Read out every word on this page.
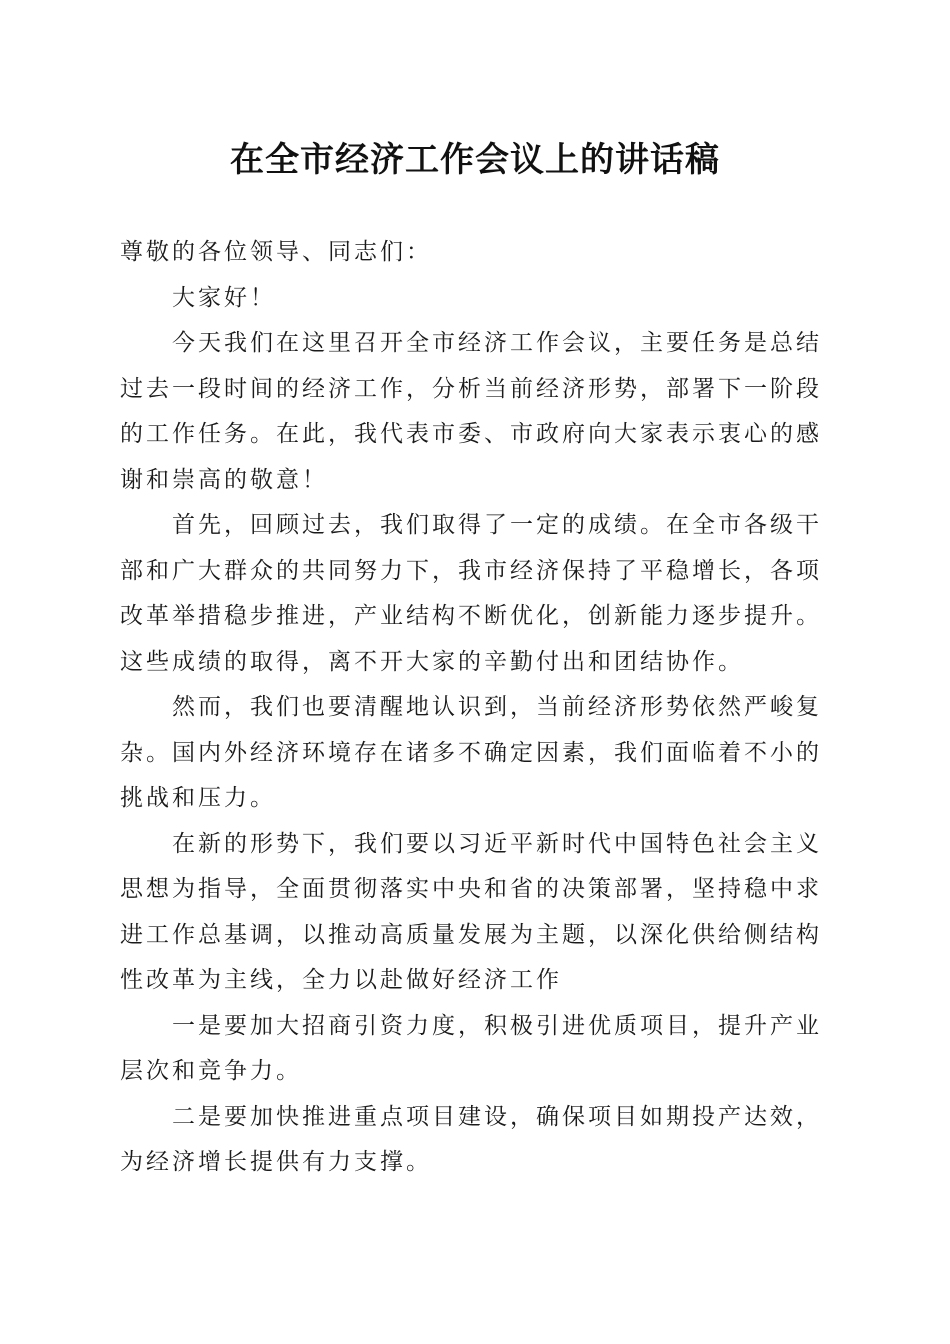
在全市经济工作会议上的讲话稿

尊敬的各位领导、同志们：

大家好！

今天我们在这里召开全市经济工作会议，主要任务是总结过去一段时间的经济工作，分析当前经济形势，部署下一阶段的工作任务。在此，我代表市委、市政府向大家表示衷心的感谢和崇高的敬意！

首先，回顾过去，我们取得了一定的成绩。在全市各级干部和广大群众的共同努力下，我市经济保持了平稳增长，各项改革举措稳步推进，产业结构不断优化，创新能力逐步提升。这些成绩的取得，离不开大家的辛勤付出和团结协作。

然而，我们也要清醒地认识到，当前经济形势依然严峻复杂。国内外经济环境存在诸多不确定因素，我们面临着不小的挑战和压力。

在新的形势下，我们要以习近平新时代中国特色社会主义思想为指导，全面贯彻落实中央和省的决策部署，坚持稳中求进工作总基调，以推动高质量发展为主题，以深化供给侧结构性改革为主线，全力以赴做好经济工作

一是要加大招商引资力度，积极引进优质项目，提升产业层次和竞争力。

二是要加快推进重点项目建设，确保项目如期投产达效，为经济增长提供有力支撑。
